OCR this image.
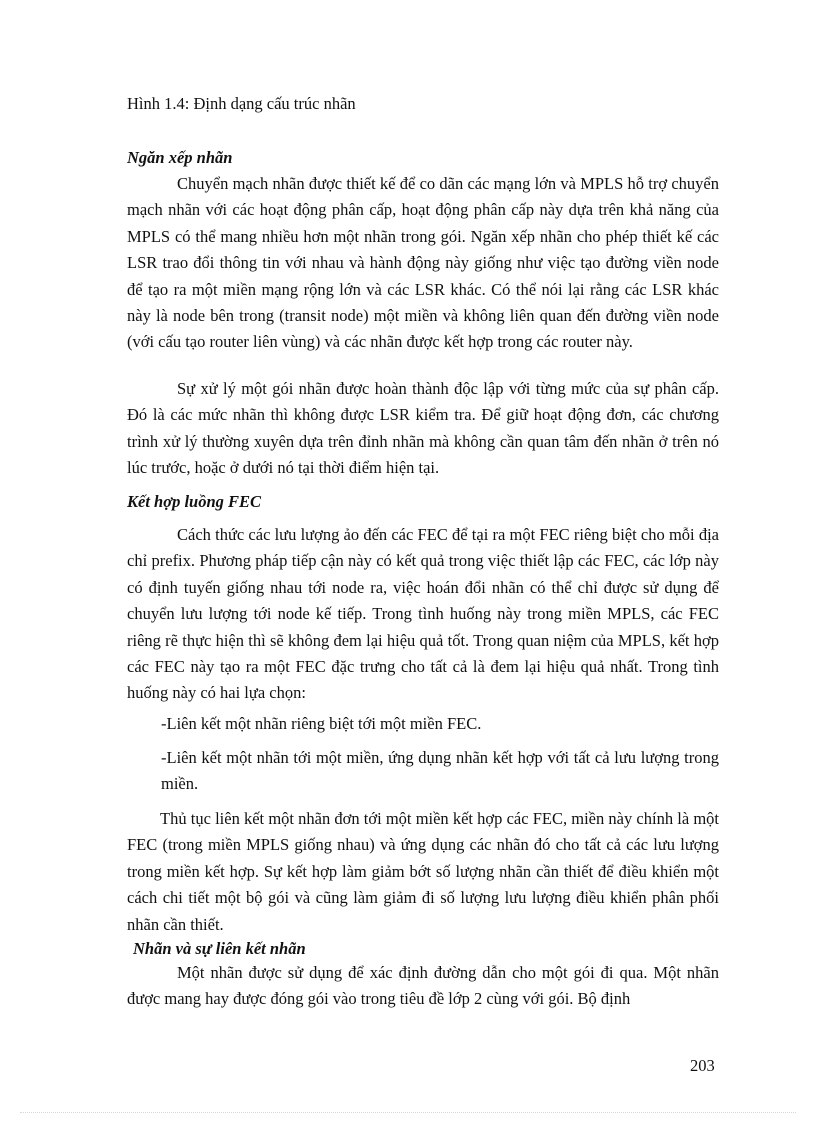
Hình 1.4: Định dạng cấu trúc nhãn

Ngăn xếp nhãn

Chuyển mạch nhãn được thiết kế để co dãn các mạng lớn và MPLS hỗ trợ chuyển mạch nhãn với các hoạt động phân cấp, hoạt động phân cấp này dựa trên khả năng của MPLS có thể mang nhiều hơn một nhãn trong gói. Ngăn xếp nhãn cho phép thiết kế các LSR trao đổi thông tin với nhau và hành động này giống như việc tạo đường viền node để tạo ra một miền mạng rộng lớn và các LSR khác. Có thể nói lại rằng các LSR khác này là node bên trong (transit node) một miền và không liên quan đến đường viền node (với cấu tạo router liên vùng) và các nhãn được kết hợp trong các router này.

Sự xử lý một gói nhãn được hoàn thành độc lập với từng mức của sự phân cấp. Đó là các mức nhãn thì không được LSR kiểm tra. Để giữ hoạt động đơn, các chương trình xử lý thường xuyên dựa trên đỉnh nhãn mà không cần quan tâm đến nhãn ở trên nó lúc trước, hoặc ở dưới nó tại thời điểm hiện tại.

Kết hợp luồng FEC

Cách thức các lưu lượng ảo đến các FEC để tại ra một FEC riêng biệt cho mỗi địa chỉ prefix. Phương pháp tiếp cận này có kết quả trong việc thiết lập các FEC, các lớp này có định tuyến giống nhau tới node ra, việc hoán đổi nhãn có thể chỉ được sử dụng để chuyển lưu lượng tới node kế tiếp. Trong tình huống này trong miền MPLS, các FEC riêng rẽ thực hiện thì sẽ không đem lại hiệu quả tốt. Trong quan niệm của MPLS, kết hợp các FEC này tạo ra một FEC đặc trưng cho tất cả là đem lại hiệu quả nhất. Trong tình huống này có hai lựa chọn:

-Liên kết một nhãn riêng biệt tới một miền FEC.

-Liên kết một nhãn tới một miền, ứng dụng nhãn kết hợp với tất cả lưu lượng trong miền.

Thủ tục liên kết một nhãn đơn tới một miền kết hợp các FEC, miền này chính là một FEC (trong miền MPLS giống nhau) và ứng dụng các nhãn đó cho tất cả các lưu lượng trong miền kết hợp. Sự kết hợp làm giảm bớt số lượng nhãn cần thiết để điều khiển một cách chi tiết một bộ gói và cũng làm giảm đi số lượng lưu lượng điều khiển phân phối nhãn cần thiết.

Nhãn và sự liên kết nhãn

Một nhãn được sử dụng để xác định đường dẫn cho một gói đi qua. Một nhãn được mang hay được đóng gói vào trong tiêu đề lớp 2 cùng với gói. Bộ định

203
